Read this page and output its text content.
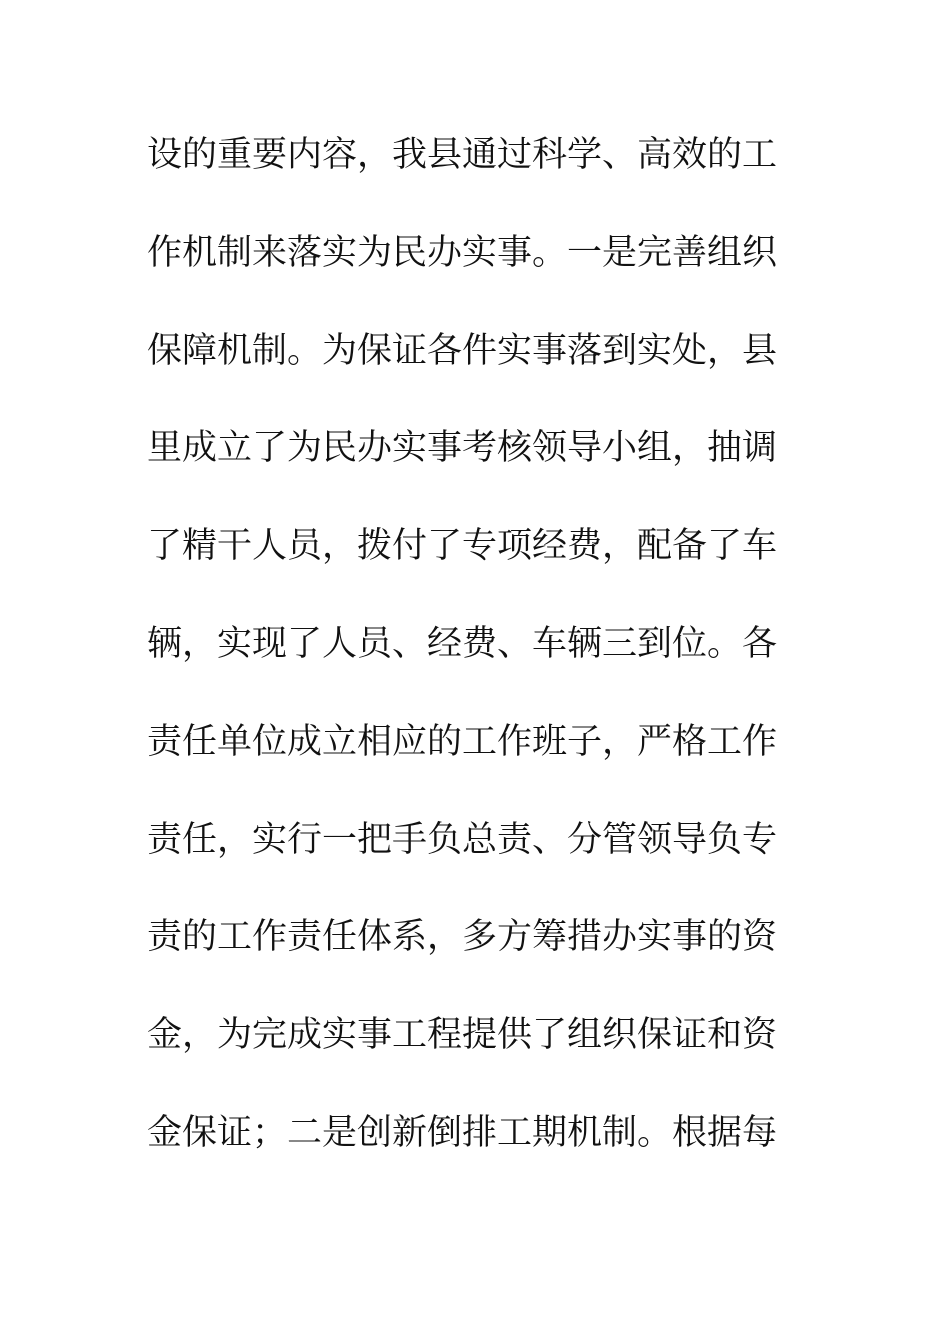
设的重要内容，我县通过科学、高效的工
作机制来落实为民办实事。一是完善组织
保障机制。为保证各件实事落到实处，县
里成立了为民办实事考核领导小组，抽调
了精干人员，拨付了专项经费，配备了车
辆，实现了人员、经费、车辆三到位。各
责任单位成立相应的工作班子，严格工作
责任，实行一把手负总责、分管领导负专
责的工作责任体系，多方筹措办实事的资
金，为完成实事工程提供了组织保证和资
金保证；二是创新倒排工期机制。根据每
